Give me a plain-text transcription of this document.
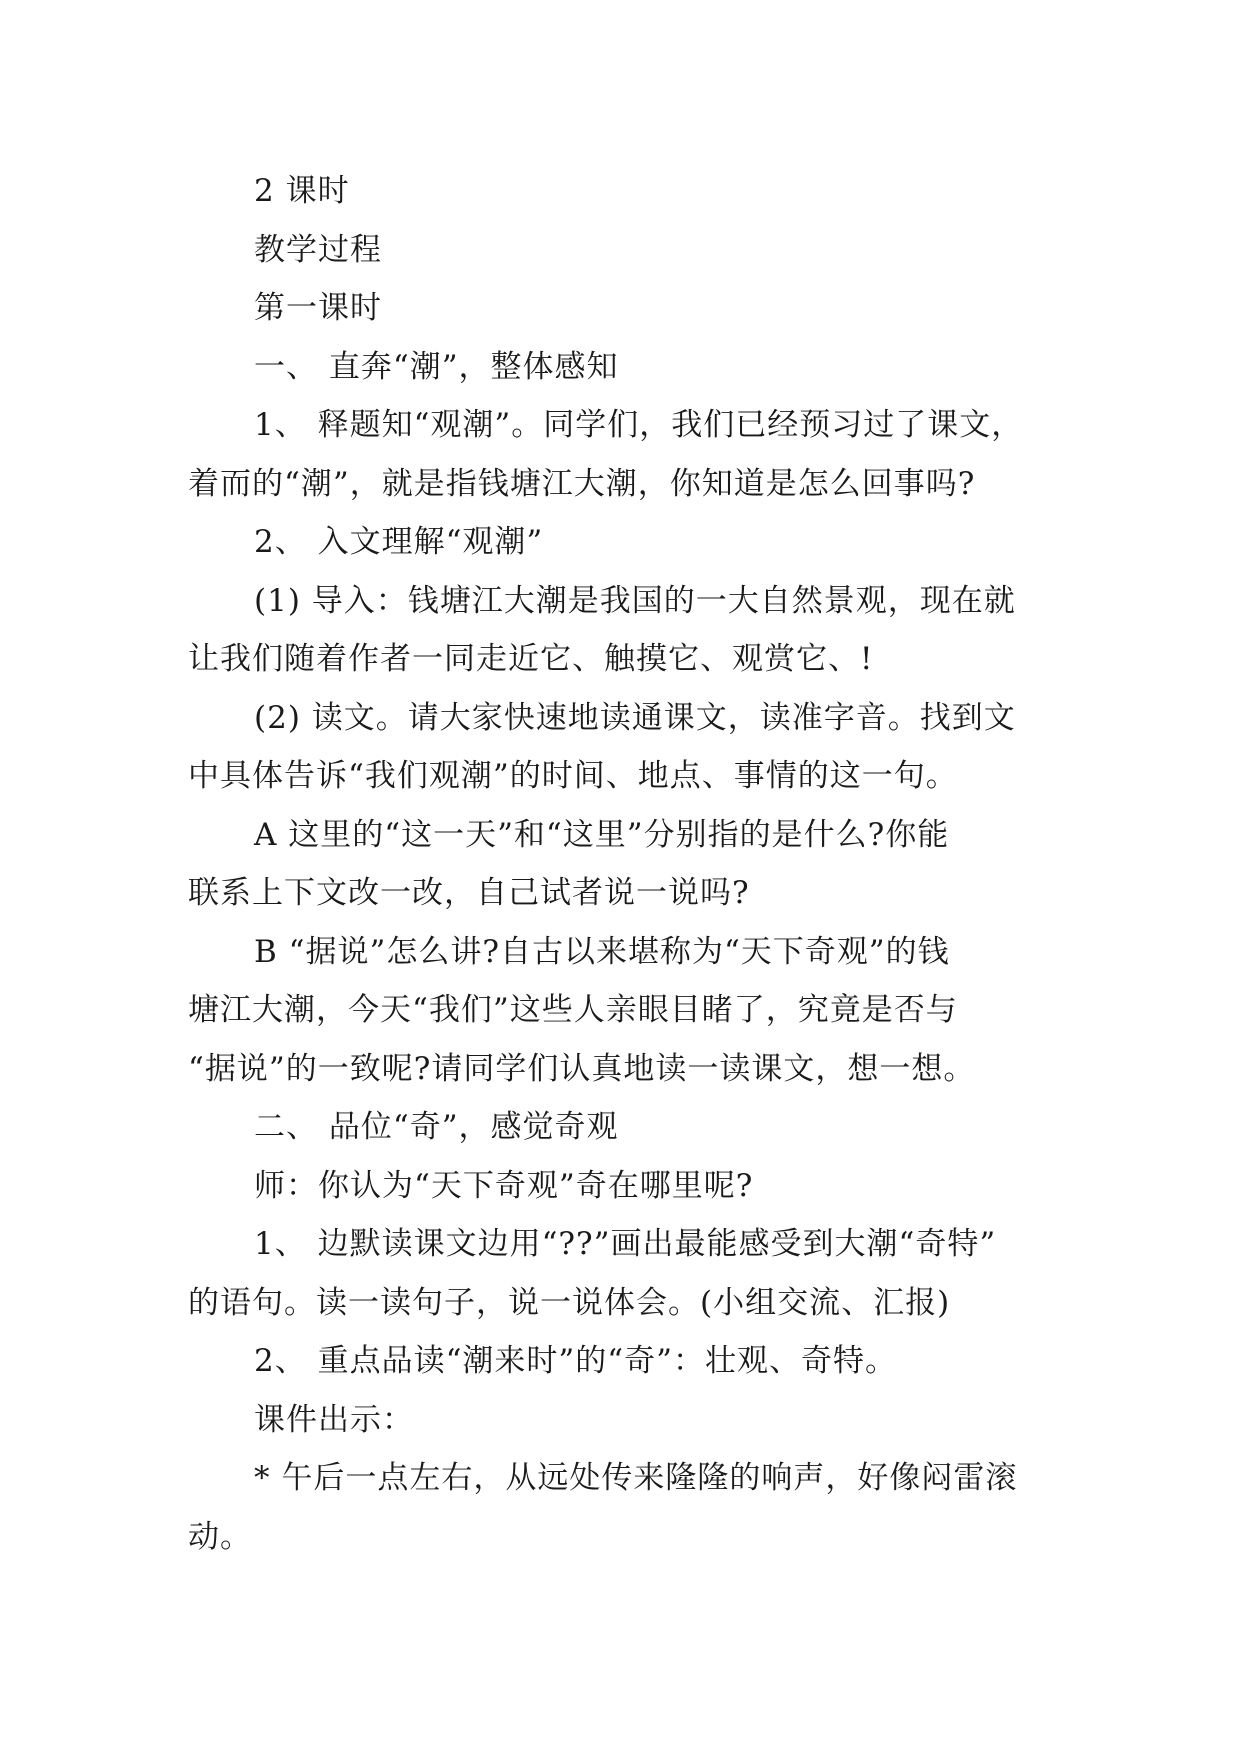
2 课时
教学过程
第一课时
一、 直奔“潮”，整体感知
1、 释题知“观潮”。同学们，我们已经预习过了课文，
着而的“潮”，就是指钱塘江大潮，你知道是怎么回事吗?
2、 入文理解“观潮”
(1) 导入：钱塘江大潮是我国的一大自然景观，现在就
让我们随着作者一同走近它、触摸它、观赏它、!
(2) 读文。请大家快速地读通课文，读准字音。找到文
中具体告诉“我们观潮”的时间、地点、事情的这一句。
A 这里的“这一天”和“这里”分别指的是什么?你能
联系上下文改一改，自己试者说一说吗?
B “据说”怎么讲?自古以来堪称为“天下奇观”的钱
塘江大潮，今天“我们”这些人亲眼目睹了，究竟是否与
“据说”的一致呢?请同学们认真地读一读课文，想一想。
二、 品位“奇”，感觉奇观
师：你认为“天下奇观”奇在哪里呢?
1、 边默读课文边用“??”画出最能感受到大潮“奇特”
的语句。读一读句子，说一说体会。(小组交流、汇报)
2、 重点品读“潮来时”的“奇”：壮观、奇特。
课件出示：
* 午后一点左右，从远处传来隆隆的响声，好像闷雷滚
动。
